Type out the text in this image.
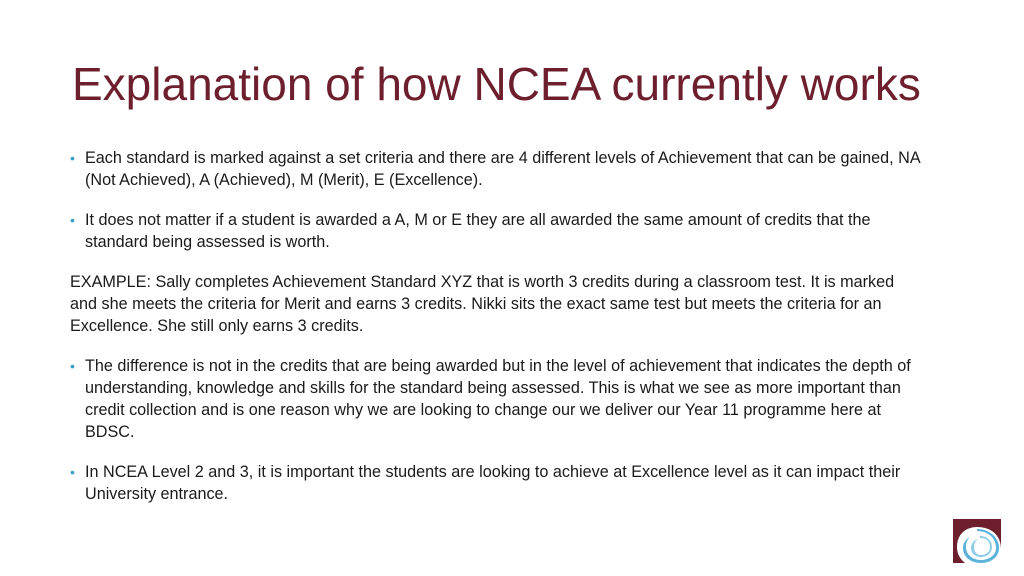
Explanation of how NCEA currently works
• Each standard is marked against a set criteria and there are 4 different levels of Achievement that can be gained, NA (Not Achieved), A (Achieved), M (Merit), E (Excellence).
• It does not matter if a student is awarded a A, M or E they are all awarded the same amount of credits that the standard being assessed is worth.
EXAMPLE: Sally completes Achievement Standard XYZ that is worth 3 credits during a classroom test. It is marked and she meets the criteria for Merit and earns 3 credits. Nikki sits the exact same test but meets the criteria for an Excellence. She still only earns 3 credits.
• The difference is not in the credits that are being awarded but in the level of achievement that indicates the depth of understanding, knowledge and skills for the standard being assessed. This is what we see as more important than credit collection and is one reason why we are looking to change our we deliver our Year 11 programme here at BDSC.
• In NCEA Level 2 and 3, it is important the students are looking to achieve at Excellence level as it can impact their University entrance.
